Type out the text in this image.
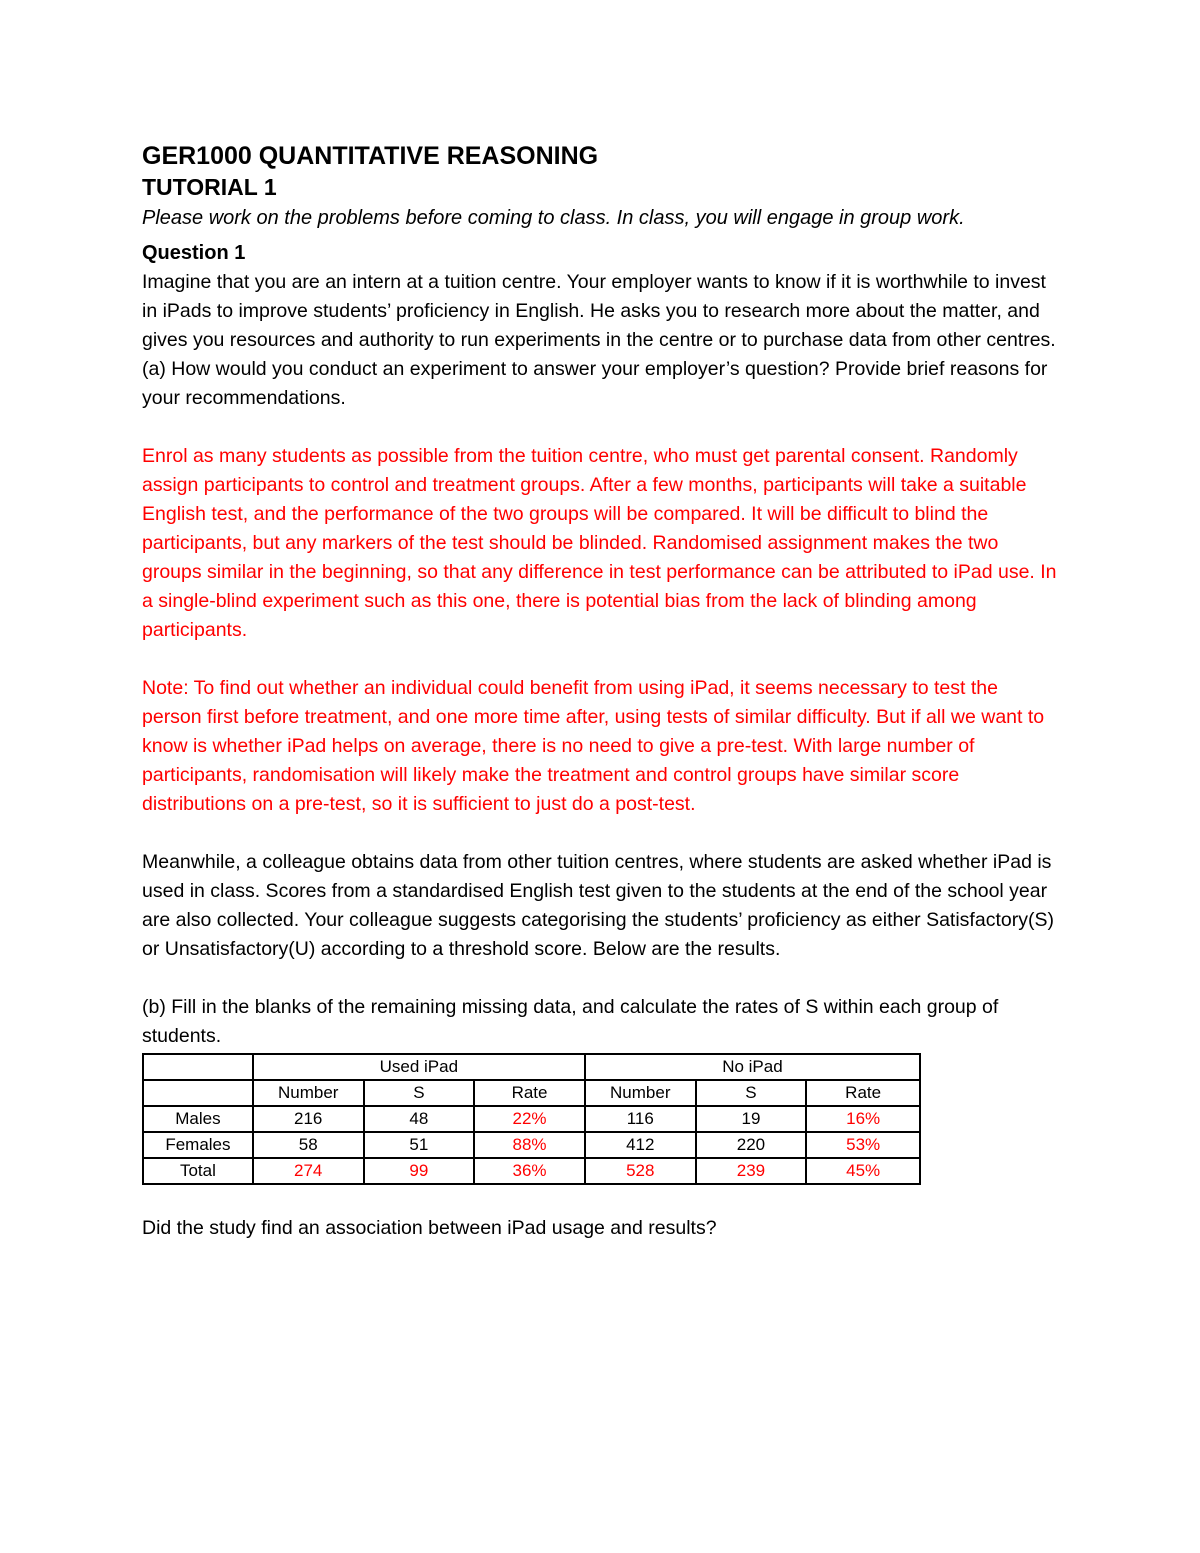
GER1000 QUANTITATIVE REASONING
TUTORIAL 1

Please work on the problems before coming to class. In class, you will engage in group work.

Question 1

Imagine that you are an intern at a tuition centre. Your employer wants to know if it is worthwhile to invest in iPads to improve students’ proficiency in English. He asks you to research more about the matter, and gives you resources and authority to run experiments in the centre or to purchase data from other centres.

(a) How would you conduct an experiment to answer your employer’s question? Provide brief reasons for your recommendations.

Enrol as many students as possible from the tuition centre, who must get parental consent. Randomly assign participants to control and treatment groups. After a few months, participants will take a suitable English test, and the performance of the two groups will be compared. It will be difficult to blind the participants, but any markers of the test should be blinded. Randomised assignment makes the two groups similar in the beginning, so that any difference in test performance can be attributed to iPad use. In a single-blind experiment such as this one, there is potential bias from the lack of blinding among participants.

Note: To find out whether an individual could benefit from using iPad, it seems necessary to test the person first before treatment, and one more time after, using tests of similar difficulty. But if all we want to know is whether iPad helps on average, there is no need to give a pre-test. With large number of participants, randomisation will likely make the treatment and control groups have similar score distributions on a pre-test, so it is sufficient to just do a post-test.

Meanwhile, a colleague obtains data from other tuition centres, where students are asked whether iPad is used in class. Scores from a standardised English test given to the students at the end of the school year are also collected. Your colleague suggests categorising the students’ proficiency as either Satisfactory(S) or Unsatisfactory(U) according to a threshold score. Below are the results.

(b) Fill in the blanks of the remaining missing data, and calculate the rates of S within each group of students.

	Used iPad			No iPad		
	Number	S	Rate	Number	S	Rate
Males	216	48	22%	116	19	16%
Females	58	51	88%	412	220	53%
Total	274	99	36%	528	239	45%

Did the study find an association between iPad usage and results?
